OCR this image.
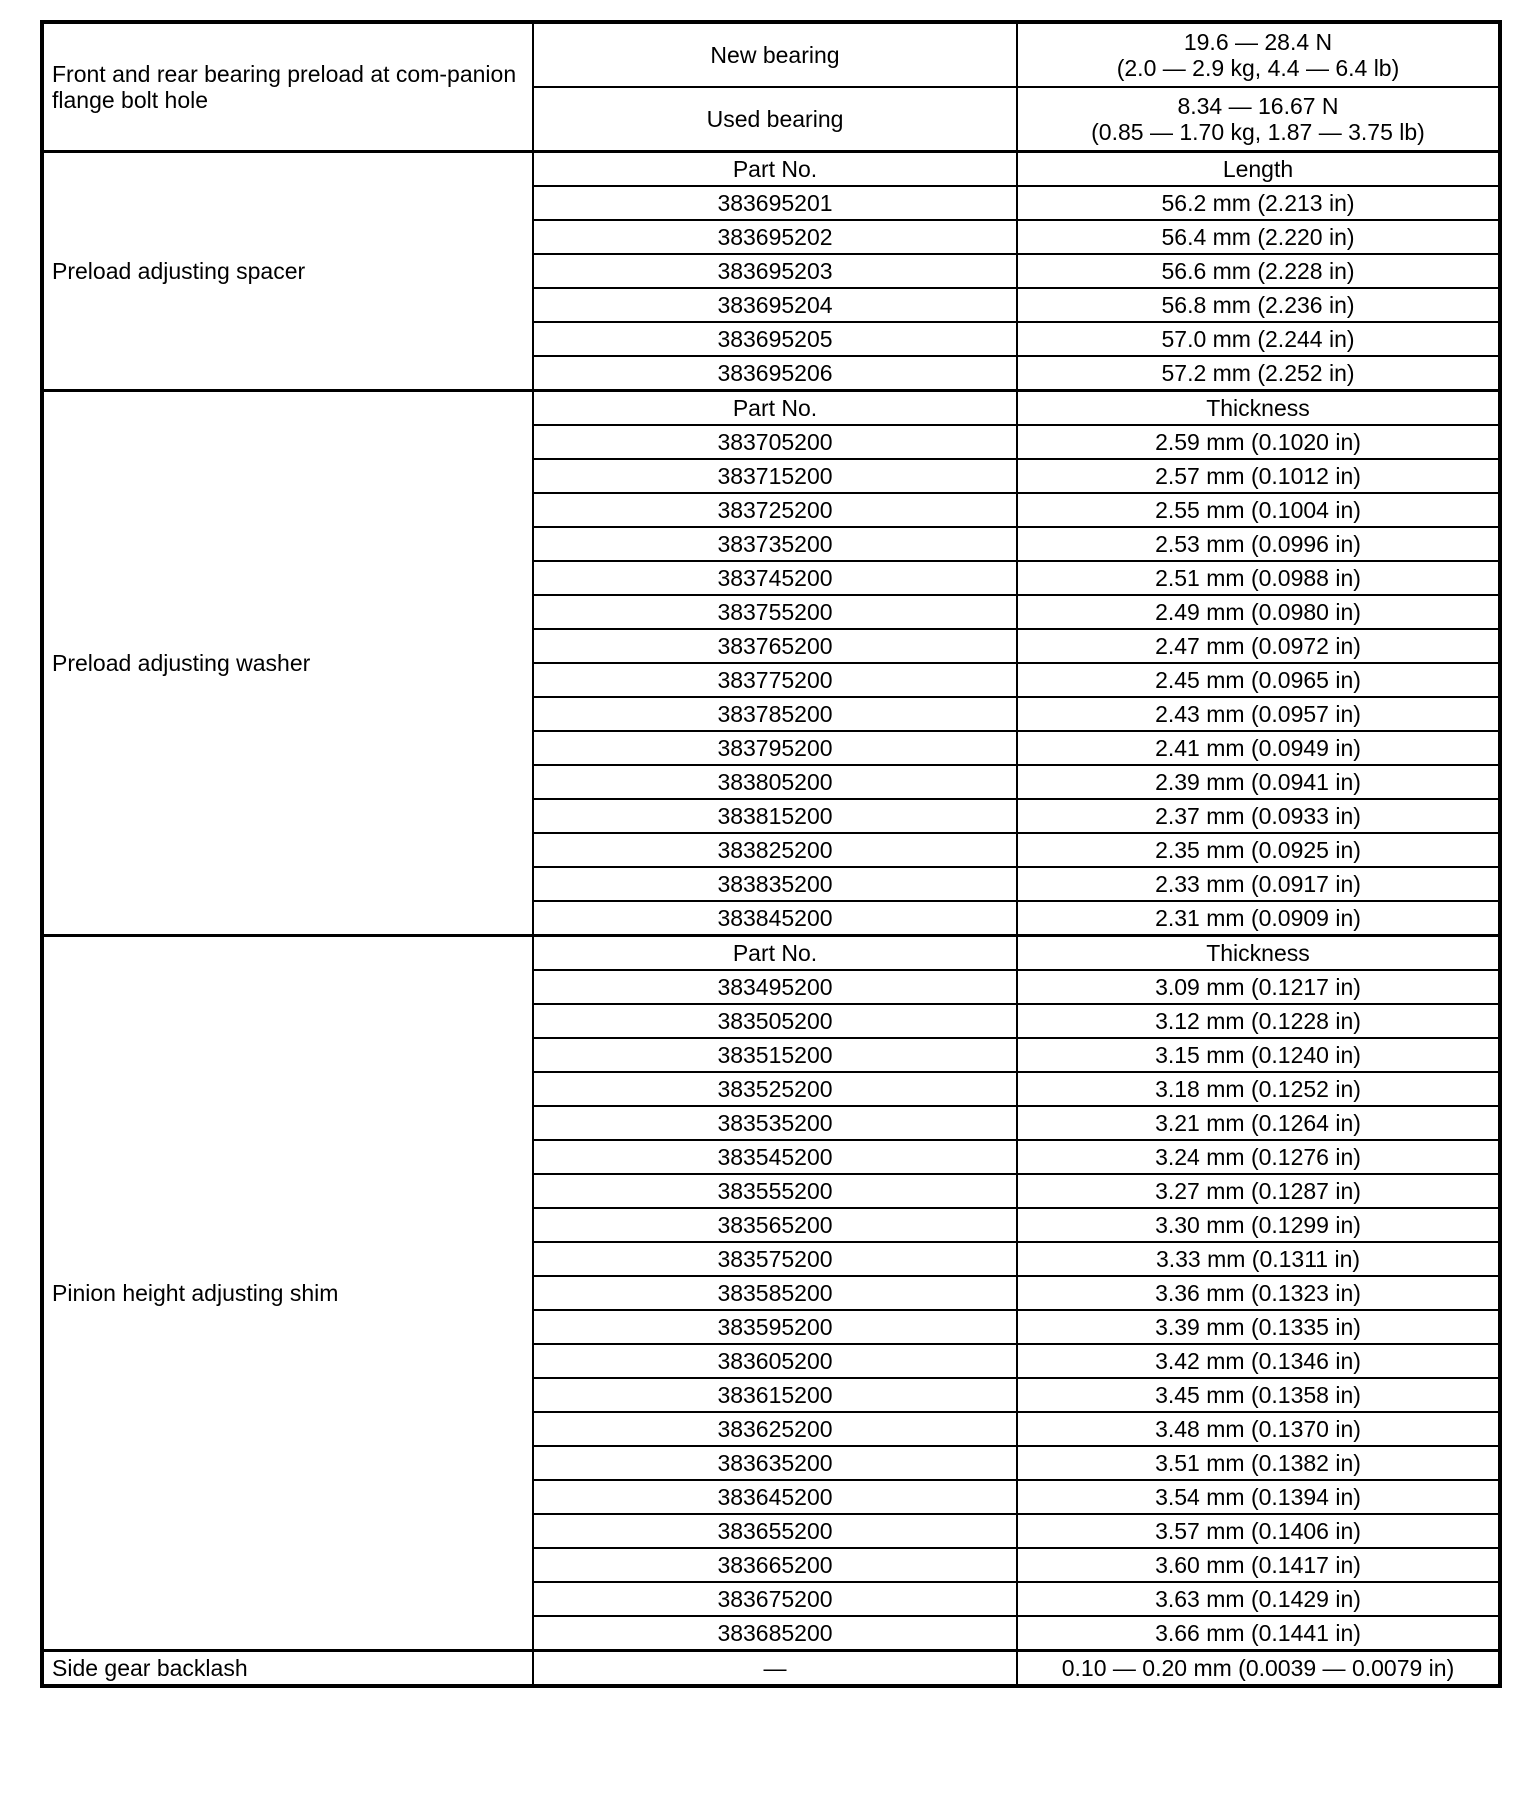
Front and rear bearing preload at com-panion flange bolt hole	New bearing	19.6 — 28.4 N
(2.0 — 2.9 kg, 4.4 — 6.4 lb)

	Used bearing	8.34 — 16.67 N
(0.85 — 1.70 kg, 1.87 — 3.75 lb)

Preload adjusting spacer	Part No.	Length
	383695201	56.2 mm (2.213 in)
	383695202	56.4 mm (2.220 in)
	383695203	56.6 mm (2.228 in)
	383695204	56.8 mm (2.236 in)
	383695205	57.0 mm (2.244 in)
	383695206	57.2 mm (2.252 in)
Preload adjusting washer	Part No.	Thickness
	383705200	2.59 mm (0.1020 in)
	383715200	2.57 mm (0.1012 in)
	383725200	2.55 mm (0.1004 in)
	383735200	2.53 mm (0.0996 in)
	383745200	2.51 mm (0.0988 in)
	383755200	2.49 mm (0.0980 in)
	383765200	2.47 mm (0.0972 in)
	383775200	2.45 mm (0.0965 in)
	383785200	2.43 mm (0.0957 in)
	383795200	2.41 mm (0.0949 in)
	383805200	2.39 mm (0.0941 in)
	383815200	2.37 mm (0.0933 in)
	383825200	2.35 mm (0.0925 in)
	383835200	2.33 mm (0.0917 in)
	383845200	2.31 mm (0.0909 in)
Pinion height adjusting shim	Part No.	Thickness
	383495200	3.09 mm (0.1217 in)
	383505200	3.12 mm (0.1228 in)
	383515200	3.15 mm (0.1240 in)
	383525200	3.18 mm (0.1252 in)
	383535200	3.21 mm (0.1264 in)
	383545200	3.24 mm (0.1276 in)
	383555200	3.27 mm (0.1287 in)
	383565200	3.30 mm (0.1299 in)
	383575200	3.33 mm (0.1311 in)
	383585200	3.36 mm (0.1323 in)
	383595200	3.39 mm (0.1335 in)
	383605200	3.42 mm (0.1346 in)
	383615200	3.45 mm (0.1358 in)
	383625200	3.48 mm (0.1370 in)
	383635200	3.51 mm (0.1382 in)
	383645200	3.54 mm (0.1394 in)
	383655200	3.57 mm (0.1406 in)
	383665200	3.60 mm (0.1417 in)
	383675200	3.63 mm (0.1429 in)
	383685200	3.66 mm (0.1441 in)
Side gear backlash	—	0.10 — 0.20 mm (0.0039 — 0.0079 in)
